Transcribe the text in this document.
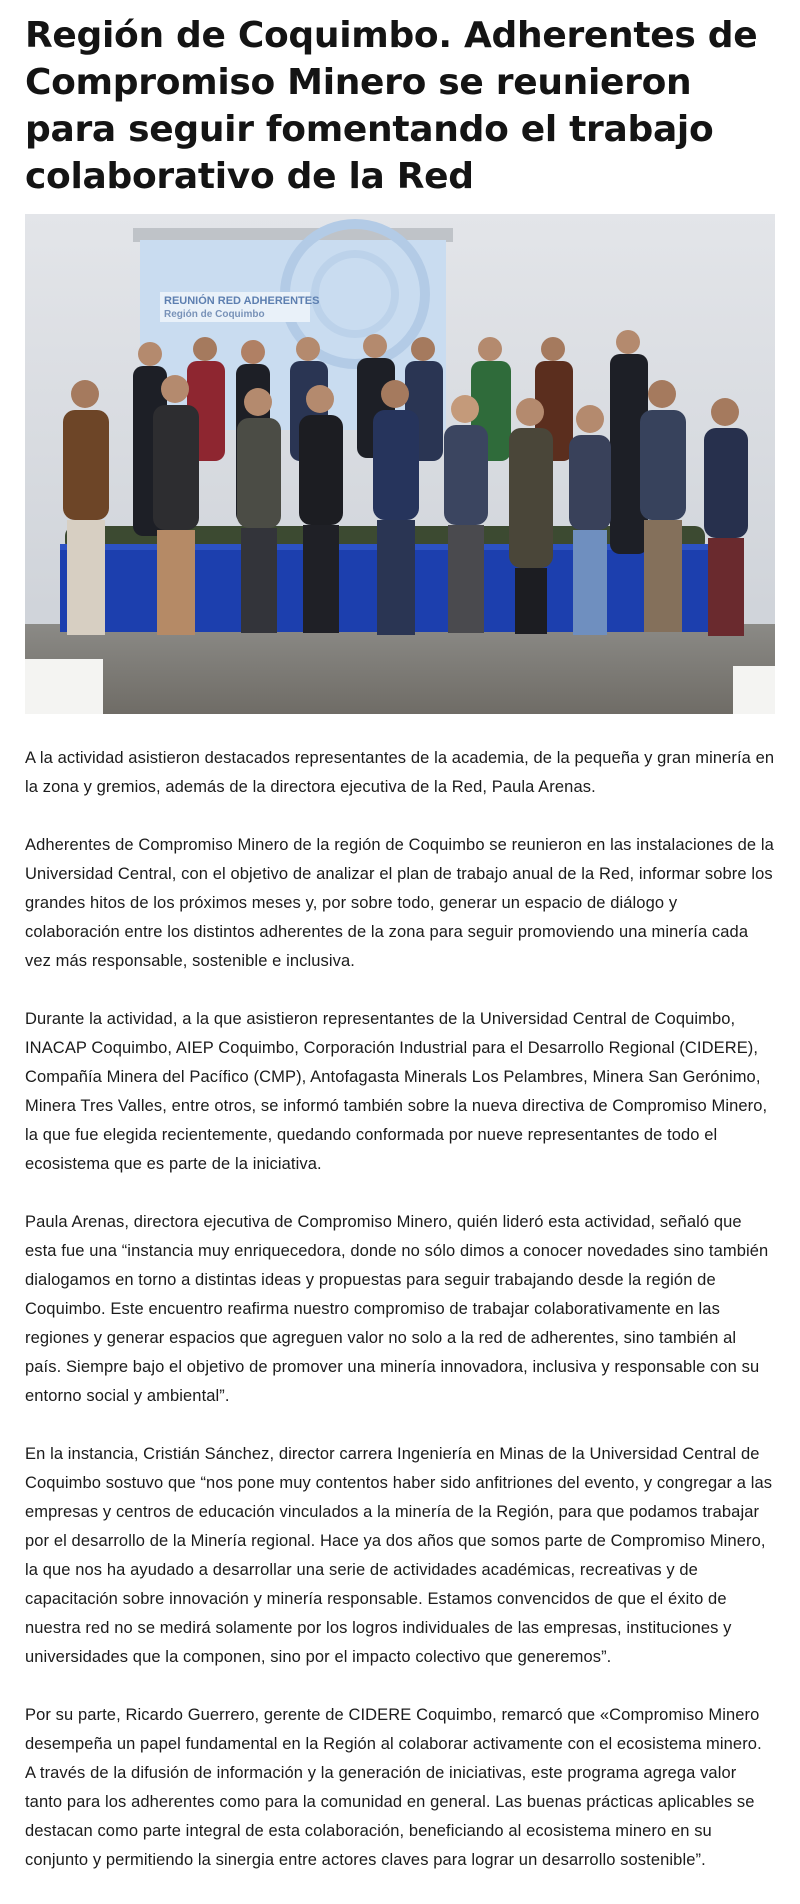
Región de Coquimbo. Adherentes de Compromiso Minero se reunieron para seguir fomentando el trabajo colaborativo de la Red
REUNIÓN RED ADHERENTES
Región de Coquimbo

A la actividad asistieron destacados representantes de la academia, de la pequeña y gran minería en la zona y gremios, además de la directora ejecutiva de la Red, Paula Arenas.

Adherentes de Compromiso Minero de la región de Coquimbo se reunieron en las instalaciones de la Universidad Central, con el objetivo de analizar el plan de trabajo anual de la Red, informar sobre los grandes hitos de los próximos meses y, por sobre todo, generar un espacio de diálogo y colaboración entre los distintos adherentes de la zona para seguir promoviendo una minería cada vez más responsable, sostenible e inclusiva.

Durante la actividad, a la que asistieron representantes de la Universidad Central de Coquimbo, INACAP Coquimbo, AIEP Coquimbo, Corporación Industrial para el Desarrollo Regional (CIDERE), Compañía Minera del Pacífico (CMP), Antofagasta Minerals Los Pelambres, Minera San Gerónimo, Minera Tres Valles, entre otros, se informó también sobre la nueva directiva de Compromiso Minero, la que fue elegida recientemente, quedando conformada por nueve representantes de todo el ecosistema que es parte de la iniciativa.

Paula Arenas, directora ejecutiva de Compromiso Minero, quién lideró esta actividad, señaló que esta fue una “instancia muy enriquecedora, donde no sólo dimos a conocer novedades sino también dialogamos en torno a distintas ideas y propuestas para seguir trabajando desde la región de Coquimbo. Este encuentro reafirma nuestro compromiso de trabajar colaborativamente en las regiones y generar espacios que agreguen valor no solo a la red de adherentes, sino también al país. Siempre bajo el objetivo de promover una minería innovadora, inclusiva y responsable con su entorno social y ambiental”.

En la instancia, Cristián Sánchez, director carrera Ingeniería en Minas de la Universidad Central de Coquimbo sostuvo que “nos pone muy contentos haber sido anfitriones del evento, y congregar a las empresas y centros de educación vinculados a la minería de la Región, para que podamos trabajar por el desarrollo de la Minería regional. Hace ya dos años que somos parte de Compromiso Minero, la que nos ha ayudado a desarrollar una serie de actividades académicas, recreativas y de capacitación sobre innovación y minería responsable. Estamos convencidos de que el éxito de nuestra red no se medirá solamente por los logros individuales de las empresas, instituciones y universidades que la componen, sino por el impacto colectivo que generemos”.

Por su parte, Ricardo Guerrero, gerente de CIDERE Coquimbo, remarcó que «Compromiso Minero desempeña un papel fundamental en la Región al colaborar activamente con el ecosistema minero. A través de la difusión de información y la generación de iniciativas, este programa agrega valor tanto para los adherentes como para la comunidad en general. Las buenas prácticas aplicables se destacan como parte integral de esta colaboración, beneficiando al ecosistema minero en su conjunto y permitiendo la sinergia entre actores claves para lograr un desarrollo sostenible”.
